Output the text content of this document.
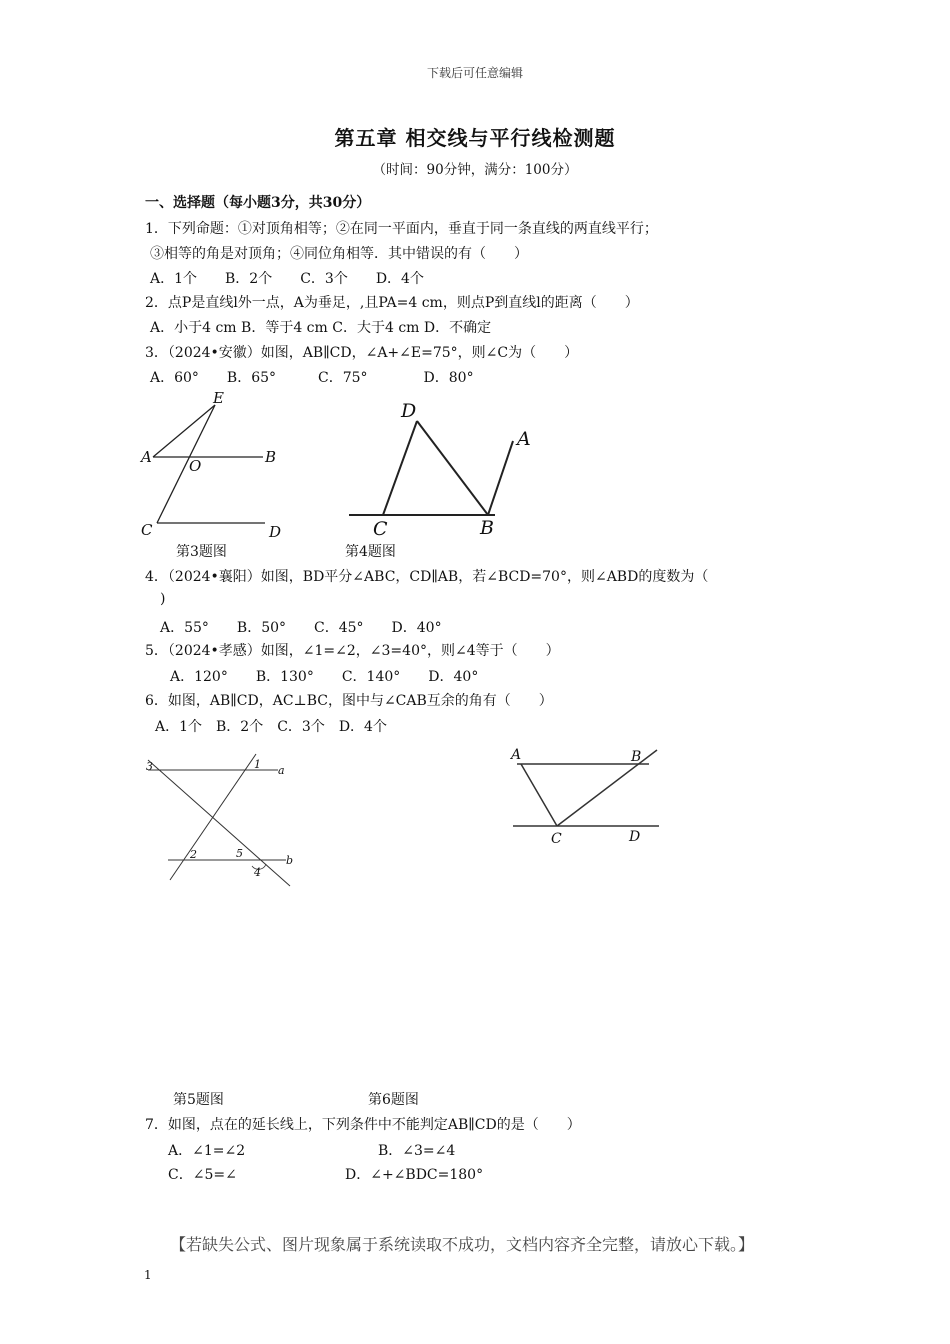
下载后可任意编辑
第五章 相交线与平行线检测题
（时间：90分钟，满分：100分）
一、选择题（每小题3分，共30分）
1．下列命题：①对顶角相等；②在同一平面内，垂直于同一条直线的两直线平行；
③相等的角是对顶角；④同位角相等．其中错误的有（　　）
A．1个　　B．2个　　C．3个　　D．4个
2．点P是直线l外一点，A为垂足，,且PA=4 cm，则点P到直线l的距离（　　）
A．小于4 cm B．等于4 cm C．大于4 cm D．不确定
3．（2024•安徽）如图，AB∥CD，∠A+∠E=75°，则∠C为（　　）
A．60°　　B．65°　　　C．75°　　　　D．80°
E
A O	B
C	D
D
A
C	B
第3题图	第4题图
4．（2024•襄阳）如图，BD平分∠ABC，CD∥AB，若∠BCD=70°，则∠ABD的度数为（
)
A．55°　　B．50°　　C．45°　　D．40°
5．（2024•孝感）如图，∠1=∠2，∠3=40°，则∠4等于（　　）
A．120°　　B．130°　　C．140°　　D．40°
6．如图，AB∥CD，AC⊥BC，图中与∠CAB互余的角有（　　）
A．1个　B．2个　C．3个　D．4个
3	1 a
2	5
b
4
A	B
C	D
第5题图	第6题图
7．如图，点在的延长线上，下列条件中不能判定AB∥CD的是（　　）
A．∠1=∠2	B．∠3=∠4
C．∠5=∠	D．∠+∠BDC=180°
【若缺失公式、图片现象属于系统读取不成功，文档内容齐全完整，请放心下载。】
1
